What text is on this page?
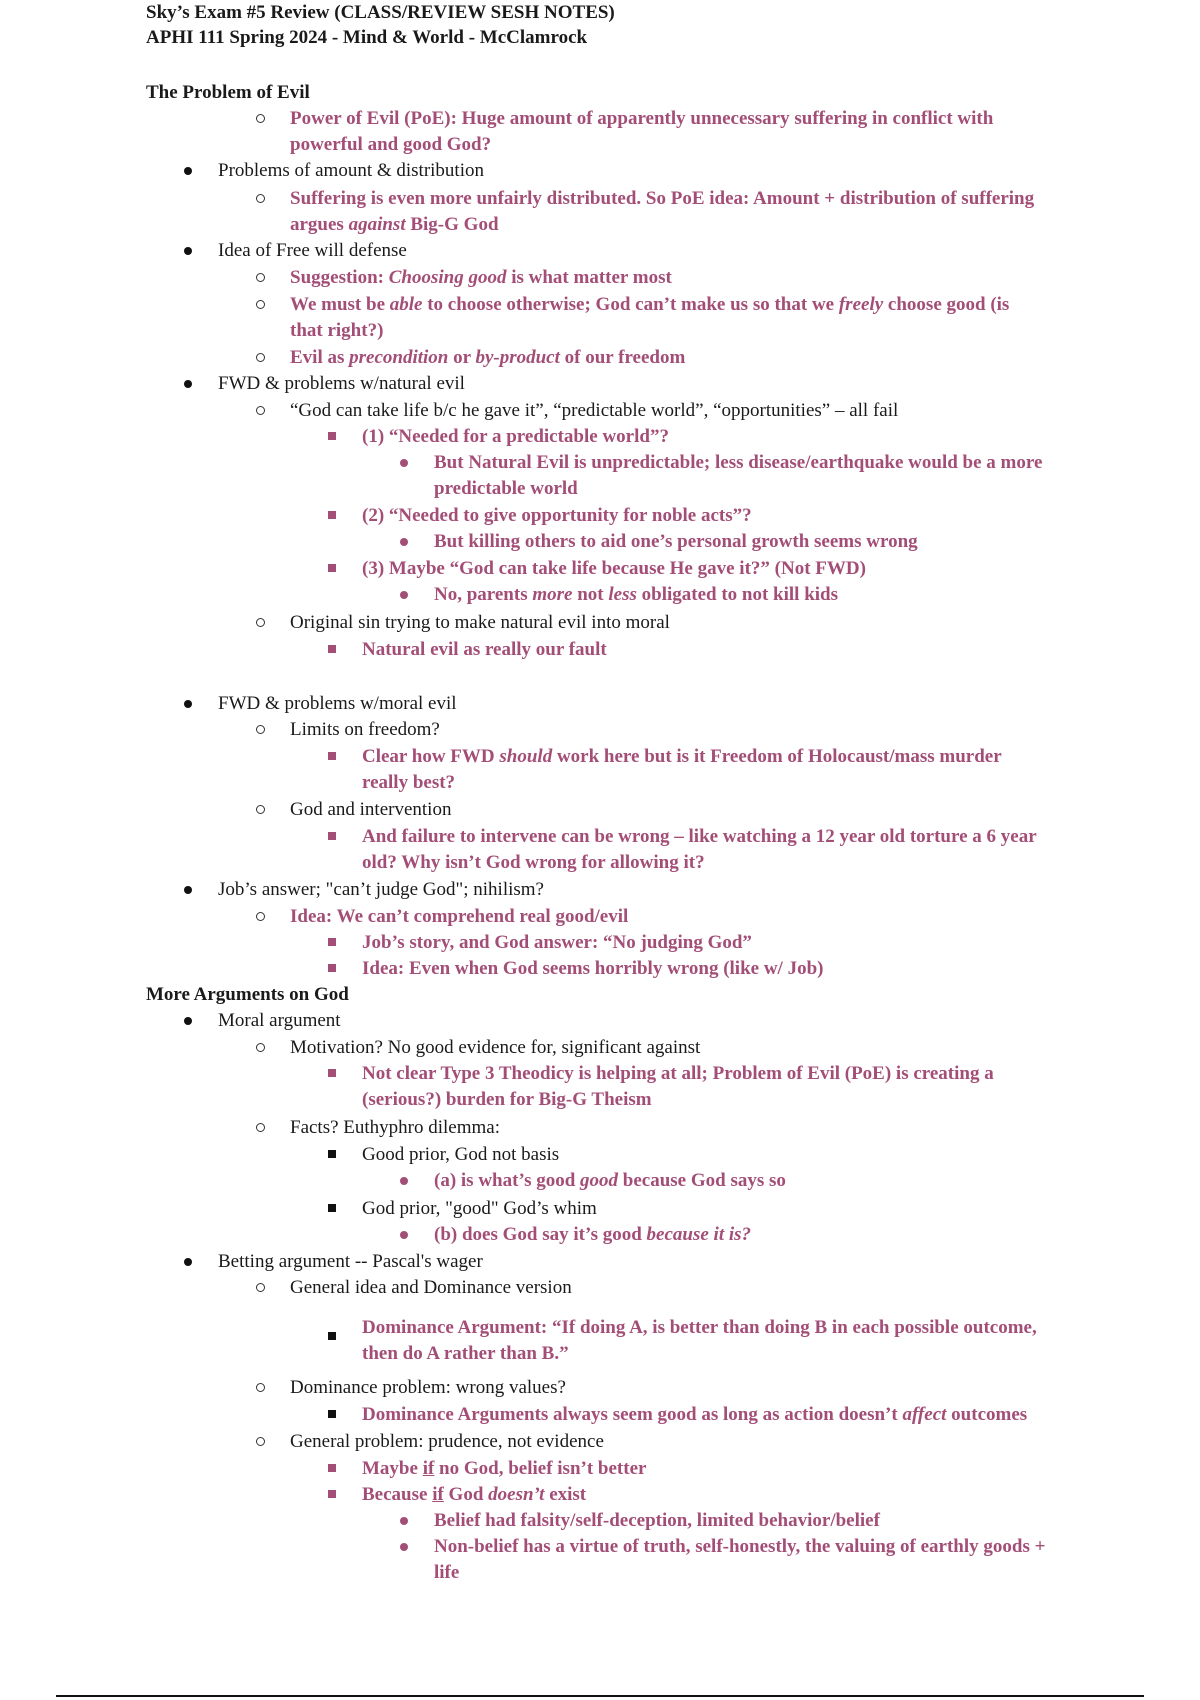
Sky’s Exam #5 Review (CLASS/REVIEW SESH NOTES)
APHI 111 Spring 2024 - Mind & World - McClamrock
The Problem of Evil
Power of Evil (PoE): Huge amount of apparently unnecessary suffering in conflict with
powerful and good God?
Problems of amount & distribution
Suffering is even more unfairly distributed. So PoE idea: Amount + distribution of suffering
argues against Big-G God
Idea of Free will defense
Suggestion: Choosing good is what matter most
We must be able to choose otherwise; God can’t make us so that we freely choose good (is
that right?)
Evil as precondition or by-product of our freedom
FWD & problems w/natural evil
“God can take life b/c he gave it”, “predictable world”, “opportunities” – all fail
(1) “Needed for a predictable world”?
But Natural Evil is unpredictable; less disease/earthquake would be a more
predictable world
(2) “Needed to give opportunity for noble acts”?
But killing others to aid one’s personal growth seems wrong
(3) Maybe “God can take life because He gave it?” (Not FWD)
No, parents more not less obligated to not kill kids
Original sin trying to make natural evil into moral
Natural evil as really our fault
FWD & problems w/moral evil
Limits on freedom?
Clear how FWD should work here but is it Freedom of Holocaust/mass murder
really best?
God and intervention
And failure to intervene can be wrong – like watching a 12 year old torture a 6 year
old? Why isn’t God wrong for allowing it?
Job’s answer; "can’t judge God"; nihilism?
Idea: We can’t comprehend real good/evil
Job’s story, and God answer: “No judging God”
Idea: Even when God seems horribly wrong (like w/ Job)
More Arguments on God
Moral argument
Motivation? No good evidence for, significant against
Not clear Type 3 Theodicy is helping at all; Problem of Evil (PoE) is creating a
(serious?) burden for Big-G Theism
Facts? Euthyphro dilemma:
Good prior, God not basis
(a) is what’s good good because God says so
God prior, "good" God’s whim
(b) does God say it’s good because it is?
Betting argument -- Pascal's wager
General idea and Dominance version
Dominance Argument: “If doing A, is better than doing B in each possible outcome,
then do A rather than B.”
Dominance problem: wrong values?
Dominance Arguments always seem good as long as action doesn’t affect outcomes
General problem: prudence, not evidence
Maybe if no God, belief isn’t better
Because if God doesn’t exist
Belief had falsity/self-deception, limited behavior/belief
Non-belief has a virtue of truth, self-honestly, the valuing of earthly goods +
life
